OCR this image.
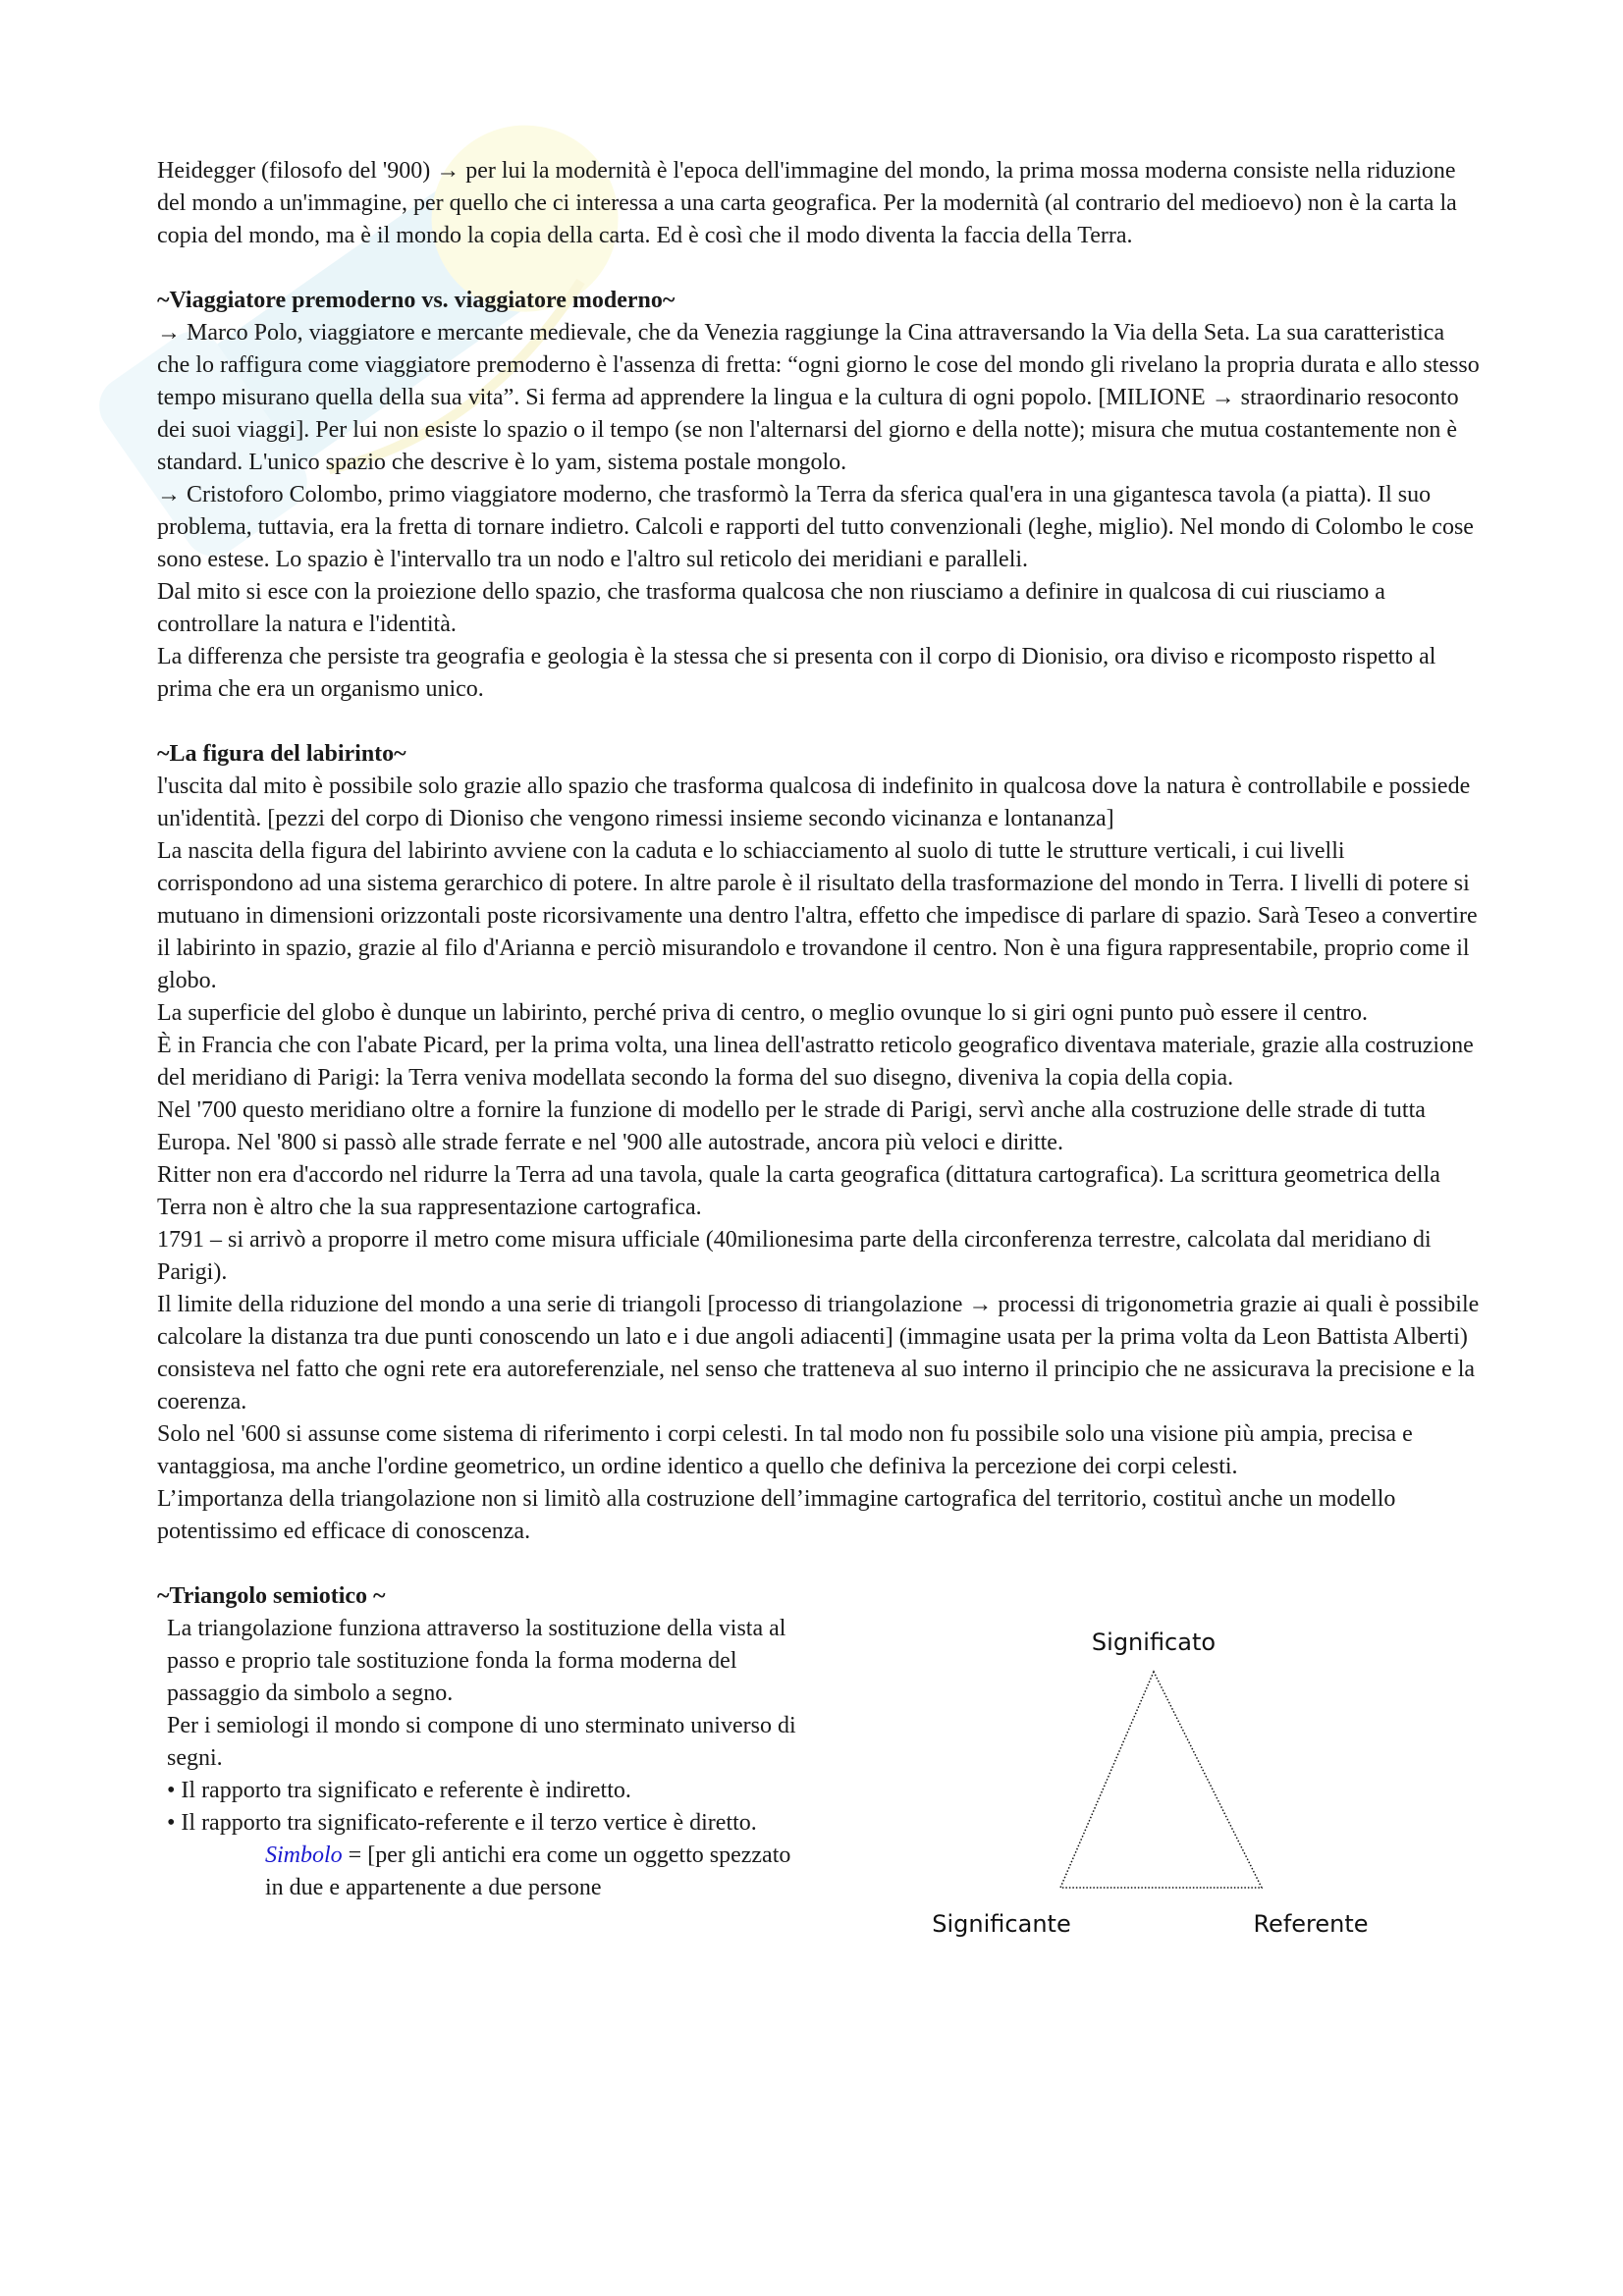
Heidegger (filosofo del '900) → per lui la modernità è l'epoca dell'immagine del mondo, la prima mossa moderna consiste nella riduzione del mondo a un'immagine, per quello che ci interessa a una carta geografica. Per la modernità (al contrario del medioevo) non è la carta la copia del mondo, ma è il mondo la copia della carta. Ed è così che il modo diventa la faccia della Terra.

~Viaggiatore premoderno vs. viaggiatore moderno~

→ Marco Polo, viaggiatore e mercante medievale, che da Venezia raggiunge la Cina attraversando la Via della Seta. La sua caratteristica che lo raffigura come viaggiatore premoderno è l'assenza di fretta: “ogni giorno le cose del mondo gli rivelano la propria durata e allo stesso tempo misurano quella della sua vita”. Si ferma ad apprendere la lingua e la cultura di ogni popolo. [MILIONE → straordinario resoconto dei suoi viaggi]. Per lui non esiste lo spazio o il tempo (se non l'alternarsi del giorno e della notte); misura che mutua costantemente non è standard. L'unico spazio che descrive è lo yam, sistema postale mongolo.

→ Cristoforo Colombo, primo viaggiatore moderno, che trasformò la Terra da sferica qual'era in una gigantesca tavola (a piatta). Il suo problema, tuttavia, era la fretta di tornare indietro. Calcoli e rapporti del tutto convenzionali (leghe, miglio). Nel mondo di Colombo le cose sono estese. Lo spazio è l'intervallo tra un nodo e l'altro sul reticolo dei meridiani e paralleli.

Dal mito si esce con la proiezione dello spazio, che trasforma qualcosa che non riusciamo a definire in qualcosa di cui riusciamo a controllare la natura e l'identità.

La differenza che persiste tra geografia e geologia è la stessa che si presenta con il corpo di Dionisio, ora diviso e ricomposto rispetto al prima che era un organismo unico.

~La figura del labirinto~

l'uscita dal mito è possibile solo grazie allo spazio che trasforma qualcosa di indefinito in qualcosa dove la natura è controllabile e possiede un'identità. [pezzi del corpo di Dioniso che vengono rimessi insieme secondo vicinanza e lontananza]

La nascita della figura del labirinto avviene con la caduta e lo schiacciamento al suolo di tutte le strutture verticali, i cui livelli corrispondono ad una sistema gerarchico di potere. In altre parole è il risultato della trasformazione del mondo in Terra. I livelli di potere si mutuano in dimensioni orizzontali poste ricorsivamente una dentro l'altra, effetto che impedisce di parlare di spazio. Sarà Teseo a convertire il labirinto in spazio, grazie al filo d'Arianna e perciò misurandolo e trovandone il centro. Non è una figura rappresentabile, proprio come il globo.

La superficie del globo è dunque un labirinto, perché priva di centro, o meglio ovunque lo si giri ogni punto può essere il centro.

È in Francia che con l'abate Picard, per la prima volta, una linea dell'astratto reticolo geografico diventava materiale, grazie alla costruzione del meridiano di Parigi: la Terra veniva modellata secondo la forma del suo disegno, diveniva la copia della copia.

Nel '700 questo meridiano oltre a fornire la funzione di modello per le strade di Parigi, servì anche alla costruzione delle strade di tutta Europa. Nel '800 si passò alle strade ferrate e nel '900 alle autostrade, ancora più veloci e diritte.

Ritter non era d'accordo nel ridurre la Terra ad una tavola, quale la carta geografica (dittatura cartografica). La scrittura geometrica della Terra non è altro che la sua rappresentazione cartografica.

1791 – si arrivò a proporre il metro come misura ufficiale (40milionesima parte della circonferenza terrestre, calcolata dal meridiano di Parigi).

Il limite della riduzione del mondo a una serie di triangoli [processo di triangolazione → processi di trigonometria grazie ai quali è possibile calcolare la distanza tra due punti conoscendo un lato e i due angoli adiacenti] (immagine usata per la prima volta da Leon Battista Alberti) consisteva nel fatto che ogni rete era autoreferenziale, nel senso che tratteneva al suo interno il principio che ne assicurava la precisione e la coerenza.

Solo nel '600 si assunse come sistema di riferimento i corpi celesti. In tal modo non fu possibile solo una visione più ampia, precisa e vantaggiosa, ma anche l'ordine geometrico, un ordine identico a quello che definiva la percezione dei corpi celesti.

L’importanza della triangolazione non si limitò alla costruzione dell’immagine cartografica del territorio, costituì anche un modello potentissimo ed efficace di conoscenza.

~Triangolo semiotico ~

La triangolazione funziona attraverso la sostituzione della vista al passo e proprio tale sostituzione fonda la forma moderna del passaggio da simbolo a segno.

Per i semiologi il mondo si compone di uno sterminato universo di segni.

• Il rapporto tra significato e referente è indiretto.

• Il rapporto tra significato-referente e il terzo vertice è diretto.

Simbolo = [per gli antichi era come un oggetto spezzato in due e appartenente a due persone

Significato
Significante	Referente
